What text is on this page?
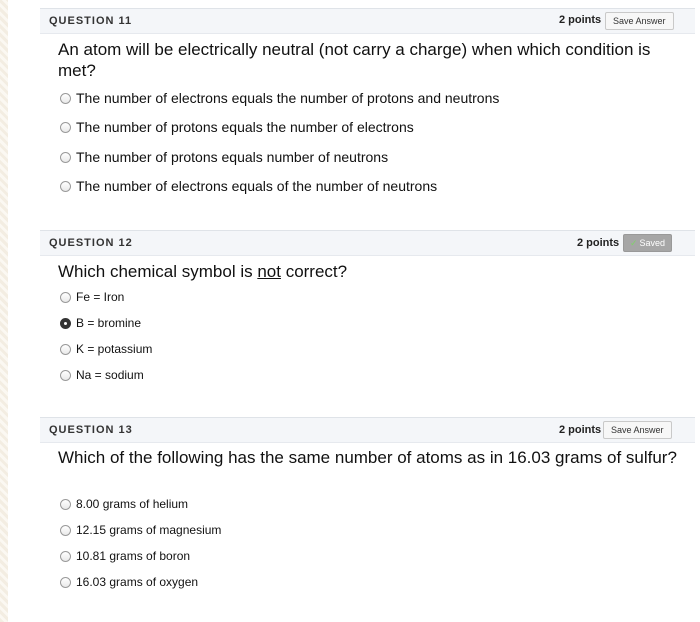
QUESTION 11	2 points	Save Answer
An atom will be electrically neutral (not carry a charge) when which condition is met?
The number of electrons equals the number of protons and neutrons
The number of protons equals the number of electrons
The number of protons equals number of neutrons
The number of electrons equals of the number of neutrons
QUESTION 12	2 points	✓ Saved
Which chemical symbol is not correct?
Fe = Iron
B = bromine
K = potassium
Na = sodium
QUESTION 13	2 points	Save Answer
Which of the following has the same number of atoms as in 16.03 grams of sulfur?
8.00 grams of helium
12.15 grams of magnesium
10.81 grams of boron
16.03 grams of oxygen
